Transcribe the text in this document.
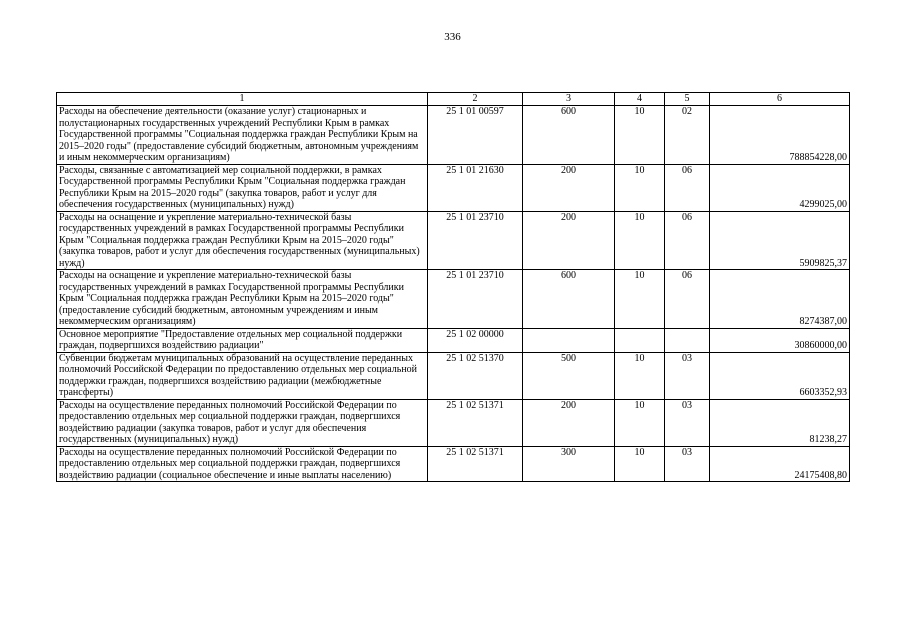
336
1	2	3	4	5	6
Расходы на обеспечение деятельности (оказание услуг) стационарных и полустационарных государственных учреждений Республики Крым в рамках Государственной программы "Социальная поддержка граждан Республики Крым на 2015–2020 годы" (предоставление субсидий бюджетным, автономным учреждениям и иным некоммерческим организациям)	25 1 01 00597	600	10	02	788854228,00
Расходы, связанные с автоматизацией мер социальной поддержки, в рамках Государственной программы Республики Крым "Социальная поддержка граждан Республики Крым на 2015–2020 годы" (закупка товаров, работ и услуг для обеспечения государственных (муниципальных) нужд)	25 1 01 21630	200	10	06	4299025,00
Расходы на оснащение и укрепление материально-технической базы государственных учреждений в рамках Государственной программы Республики Крым "Социальная поддержка граждан Республики Крым на 2015–2020 годы" (закупка товаров, работ и услуг для обеспечения государственных (муниципальных) нужд)	25 1 01 23710	200	10	06	5909825,37
Расходы на оснащение и укрепление материально-технической базы государственных учреждений в рамках Государственной программы Республики Крым "Социальная поддержка граждан Республики Крым на 2015–2020 годы" (предоставление субсидий бюджетным, автономным учреждениям и иным некоммерческим организациям)	25 1 01 23710	600	10	06	8274387,00
Основное мероприятие "Предоставление отдельных мер социальной поддержки граждан, подвергшихся воздействию радиации"	25 1 02 00000				30860000,00
Субвенции бюджетам муниципальных образований на осуществление переданных полномочий Российской Федерации по предоставлению отдельных мер социальной поддержки граждан, подвергшихся воздействию радиации (межбюджетные трансферты)	25 1 02 51370	500	10	03	6603352,93
Расходы на осуществление переданных полномочий Российской Федерации по предоставлению отдельных мер социальной поддержки граждан, подвергшихся воздействию радиации (закупка товаров, работ и услуг для обеспечения государственных (муниципальных) нужд)	25 1 02 51371	200	10	03	81238,27
Расходы на осуществление переданных полномочий Российской Федерации по предоставлению отдельных мер социальной поддержки граждан, подвергшихся воздействию радиации (социальное обеспечение и иные выплаты населению)	25 1 02 51371	300	10	03	24175408,80
